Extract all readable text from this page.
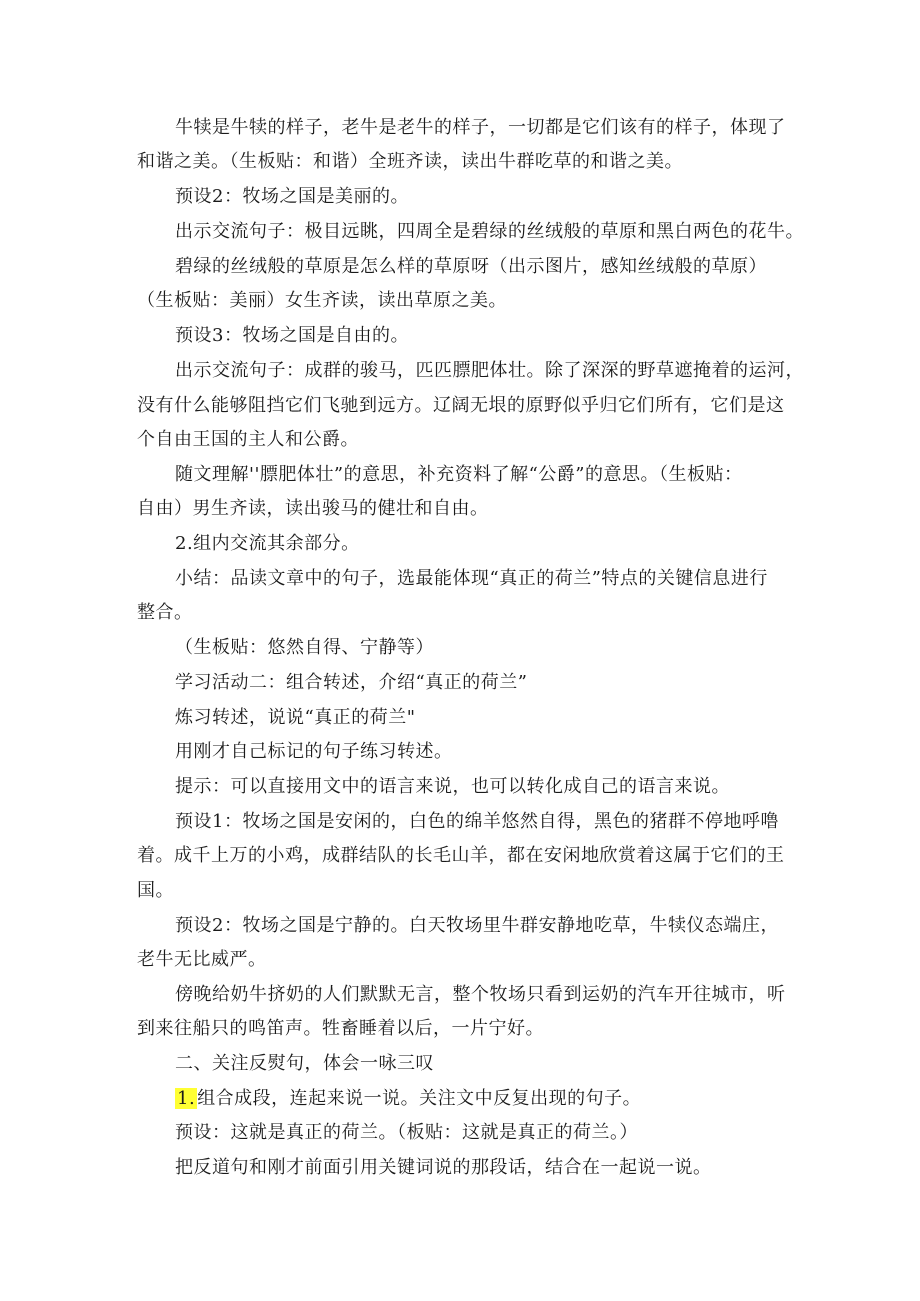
牛犊是牛犊的样子，老牛是老牛的样子，一切都是它们该有的样子，体现了
和谐之美。（生板贴：和谐）全班齐读，读出牛群吃草的和谐之美。
预设2：牧场之国是美丽的。
出示交流句子：极目远眺，四周全是碧绿的丝绒般的草原和黑白两色的花牛。
碧绿的丝绒般的草原是怎么样的草原呀（出示图片，感知丝绒般的草原）
（生板贴：美丽）女生齐读，读出草原之美。
预设3：牧场之国是自由的。
出示交流句子：成群的骏马，匹匹膘肥体壮。除了深深的野草遮掩着的运河，
没有什么能够阻挡它们飞驰到远方。辽阔无垠的原野似乎归它们所有，它们是这
个自由王国的主人和公爵。
随文理解''膘肥体壮”的意思，补充资料了解“公爵”的意思。（生板贴：
自由）男生齐读，读出骏马的健壮和自由。
2.组内交流其余部分。
小结：品读文章中的句子，选最能体现“真正的荷兰”特点的关键信息进行
整合。
（生板贴：悠然自得、宁静等）
学习活动二：组合转述，介绍“真正的荷兰”
炼习转述，说说“真正的荷兰"
用刚才自己标记的句子练习转述。
提示：可以直接用文中的语言来说，也可以转化成自己的语言来说。
预设1：牧场之国是安闲的，白色的绵羊悠然自得，黑色的猪群不停地呼噜
着。成千上万的小鸡，成群结队的长毛山羊，都在安闲地欣赏着这属于它们的王
国。
预设2：牧场之国是宁静的。白天牧场里牛群安静地吃草，牛犊仪态端庄，
老牛无比威严。
傍晚给奶牛挤奶的人们默默无言，整个牧场只看到运奶的汽车开往城市，听
到来往船只的鸣笛声。牲畜睡着以后，一片宁好。
二、关注反熨句，体会一咏三叹
1. 组合成段，连起来说一说。关注文中反复出现的句子。
预设：这就是真正的荷兰。（板贴：这就是真正的荷兰。）
把反道句和刚才前面引用关键词说的那段话，结合在一起说一说。
